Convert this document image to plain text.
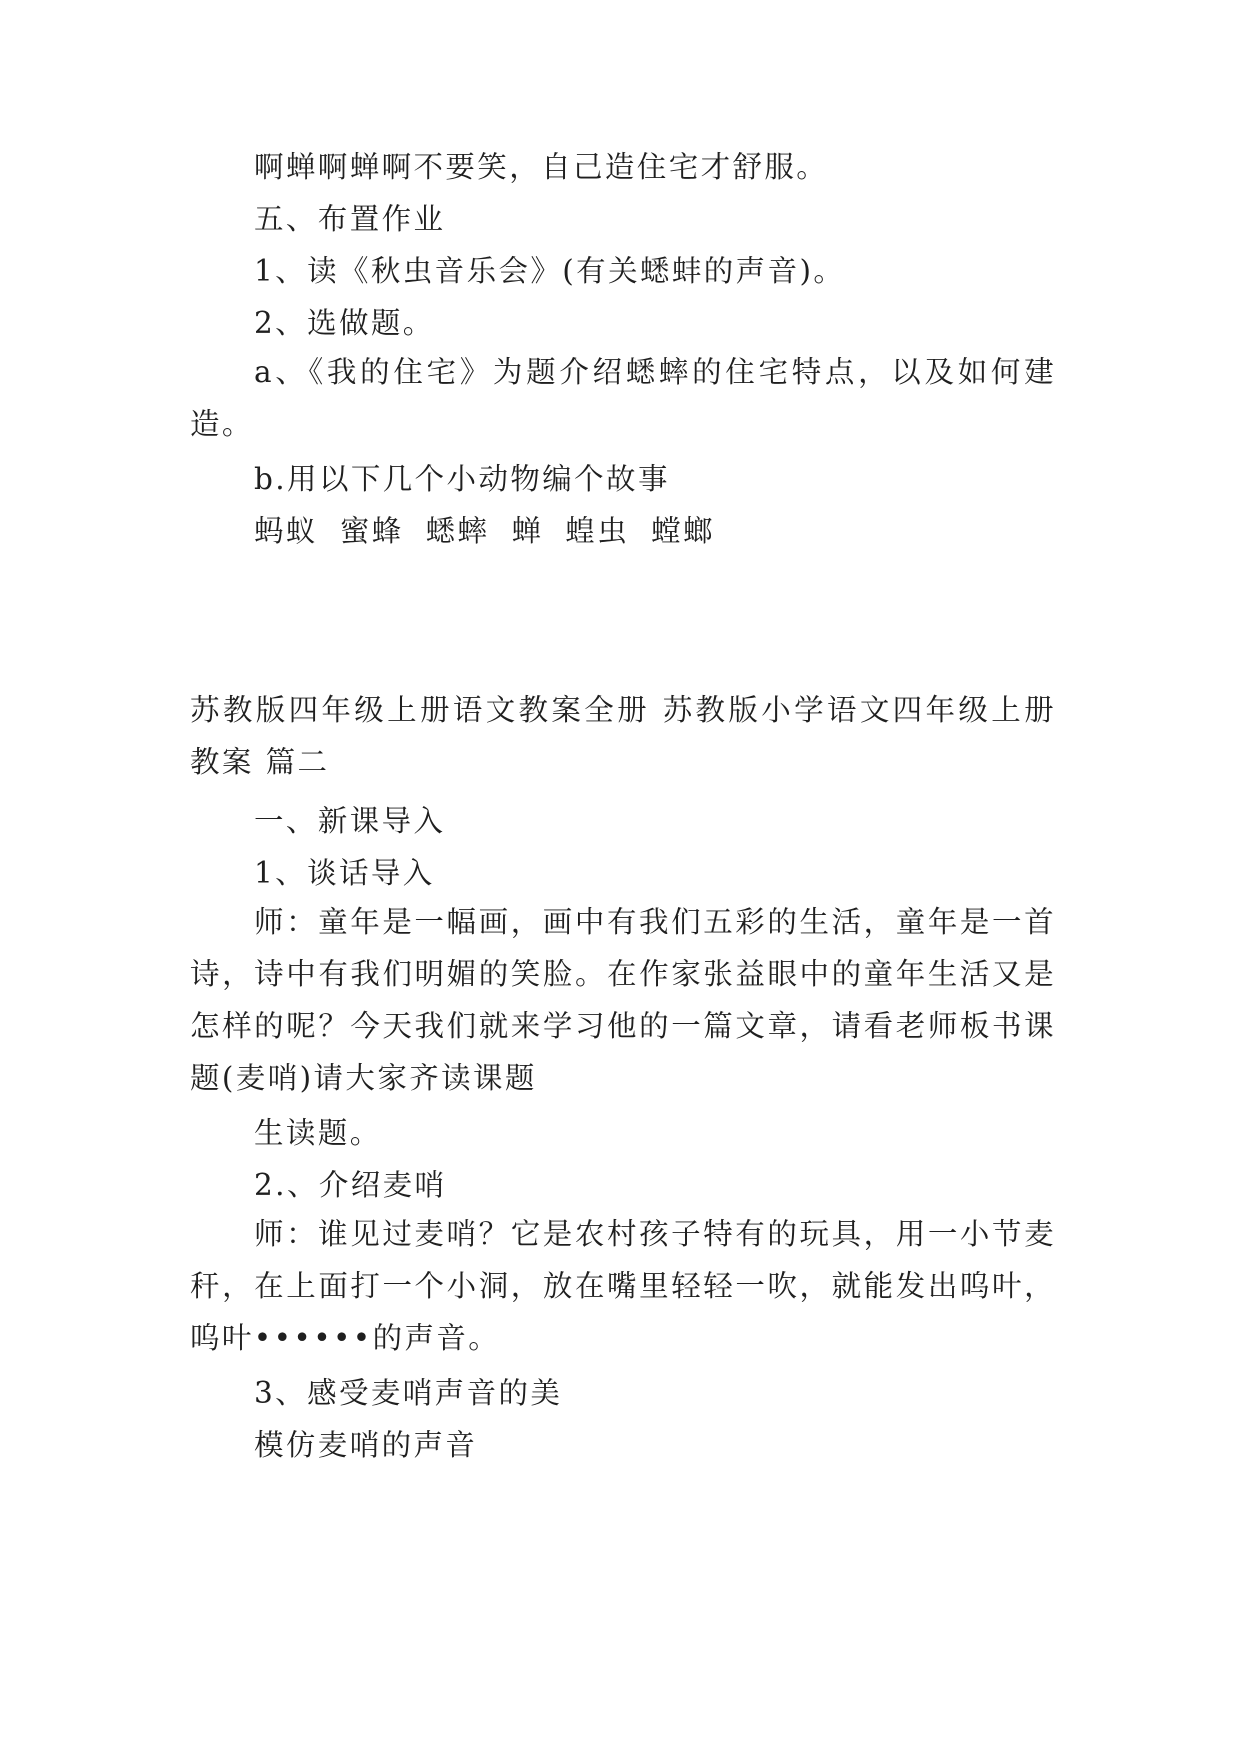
啊蝉啊蝉啊不要笑，自己造住宅才舒服。

五、布置作业

1、读《秋虫音乐会》(有关蟋蚌的声音)。

2、选做题。

a、《我的住宅》为题介绍蟋蟀的住宅特点，以及如何建造。

b.用以下几个小动物编个故事

蚂蚁 蜜蜂 蟋蟀 蝉 蝗虫 螳螂

苏教版四年级上册语文教案全册 苏教版小学语文四年级上册教案 篇二

一、新课导入

1、谈话导入

师：童年是一幅画，画中有我们五彩的生活，童年是一首诗，诗中有我们明媚的笑脸。在作家张益眼中的童年生活又是怎样的呢？今天我们就来学习他的一篇文章，请看老师板书课题(麦哨)请大家齐读课题

生读题。

2.、介绍麦哨

师：谁见过麦哨？它是农村孩子特有的玩具，用一小节麦秆，在上面打一个小洞，放在嘴里轻轻一吹，就能发出呜叶，呜叶••••••的声音。

3、感受麦哨声音的美

模仿麦哨的声音
